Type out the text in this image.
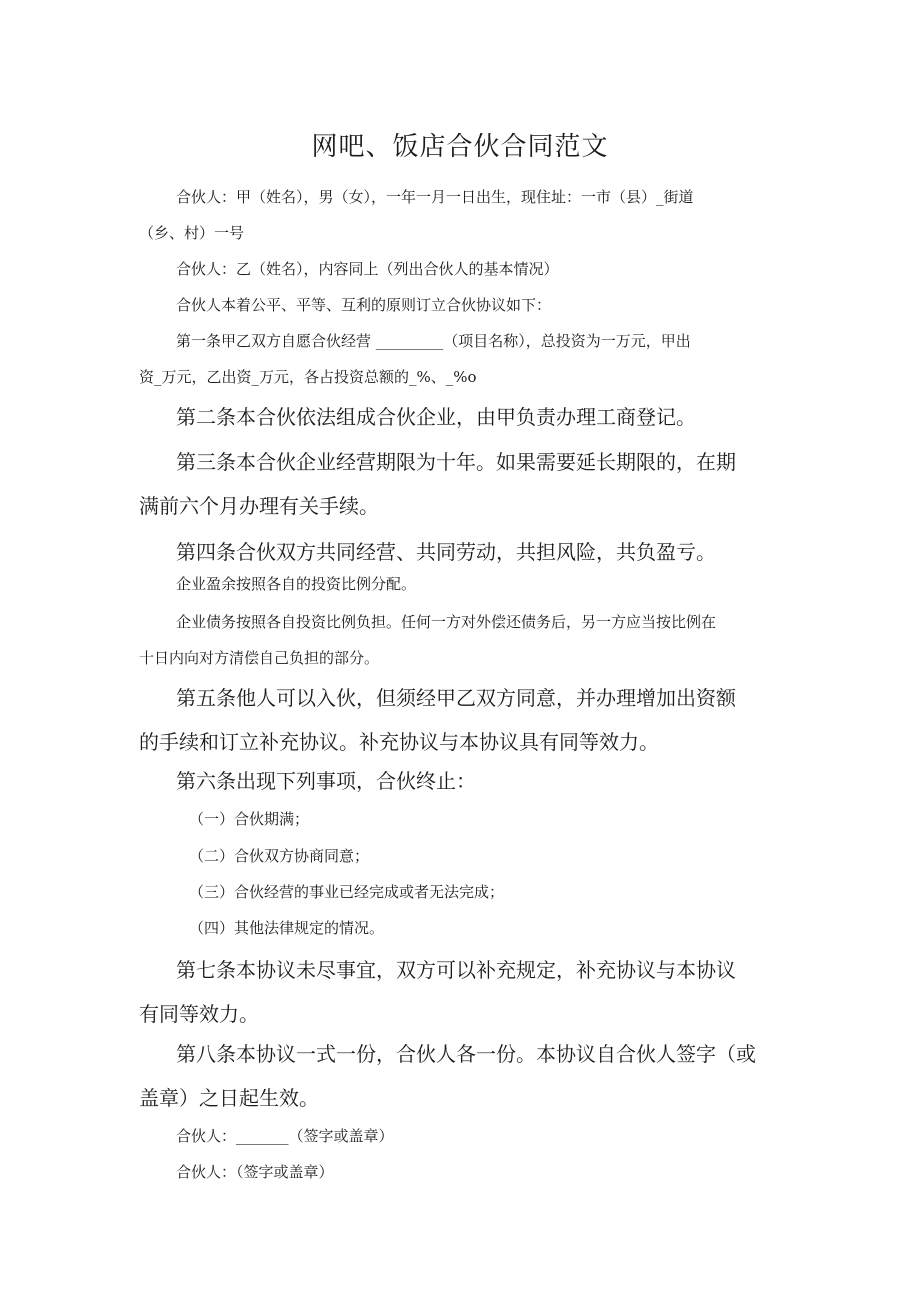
网吧、饭店合伙合同范文
合伙人：甲（姓名），男（女），一年一月一日出生，现住址：一市（县）_街道
（乡、村）一号
合伙人：乙（姓名），内容同上（列出合伙人的基本情况）
合伙人本着公平、平等、互利的原则订立合伙协议如下：
第一条甲乙双方自愿合伙经营 _________（项目名称），总投资为一万元，甲出
资_万元，乙出资_万元，各占投资总额的_%、_%o
第二条本合伙依法组成合伙企业，由甲负责办理工商登记。
第三条本合伙企业经营期限为十年。如果需要延长期限的，在期
满前六个月办理有关手续。
第四条合伙双方共同经营、共同劳动，共担风险，共负盈亏。
企业盈余按照各自的投资比例分配。
企业债务按照各自投资比例负担。任何一方对外偿还债务后，另一方应当按比例在
十日内向对方清偿自己负担的部分。
第五条他人可以入伙，但须经甲乙双方同意，并办理增加出资额
的手续和订立补充协议。补充协议与本协议具有同等效力。
第六条出现下列事项，合伙终止：
（一）合伙期满；
（二）合伙双方协商同意；
（三）合伙经营的事业已经完成或者无法完成；
（四）其他法律规定的情况。
第七条本协议未尽事宜，双方可以补充规定，补充协议与本协议
有同等效力。
第八条本协议一式一份，合伙人各一份。本协议自合伙人签字（或
盖章）之日起生效。
合伙人：_______（签字或盖章）
合伙人：（签字或盖章）
